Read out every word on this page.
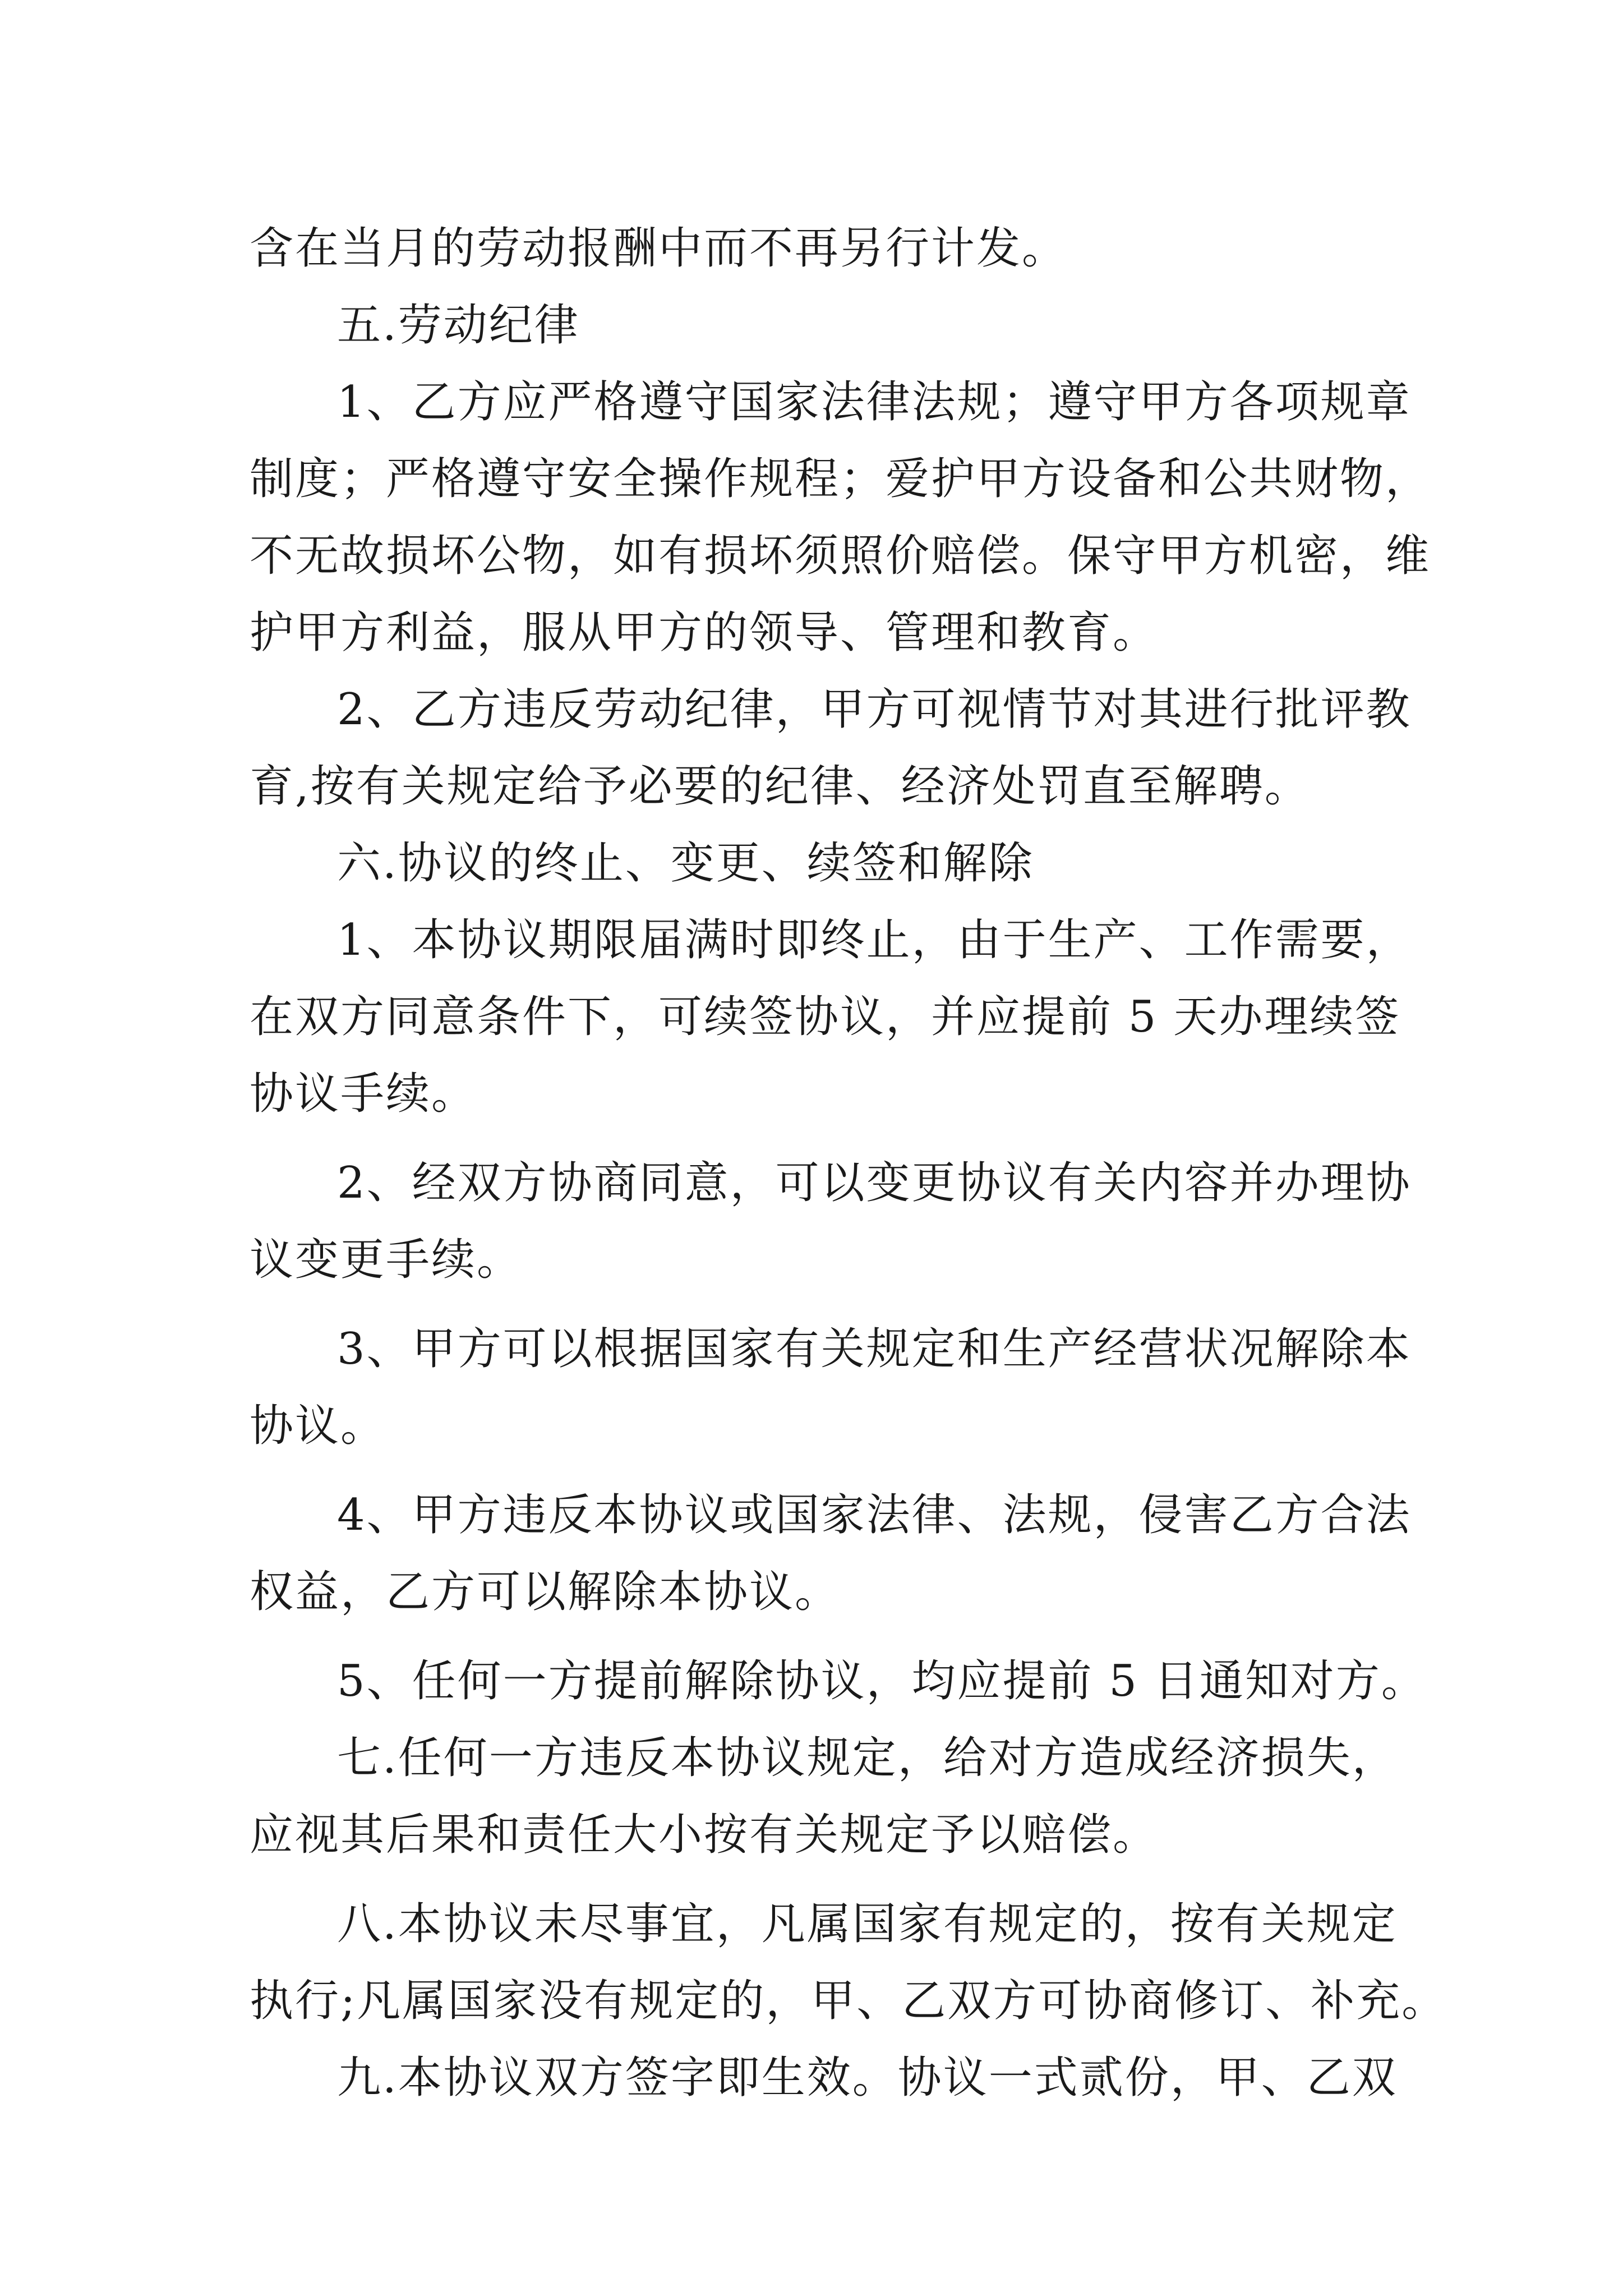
含在当月的劳动报酬中而不再另行计发。

五.劳动纪律

1、乙方应严格遵守国家法律法规；遵守甲方各项规章

制度；严格遵守安全操作规程；爱护甲方设备和公共财物，

不无故损坏公物，如有损坏须照价赔偿。保守甲方机密，维

护甲方利益，服从甲方的领导、管理和教育。

2、乙方违反劳动纪律，甲方可视情节对其进行批评教

育,按有关规定给予必要的纪律、经济处罚直至解聘。

六.协议的终止、变更、续签和解除

1、本协议期限届满时即终止，由于生产、工作需要，

在双方同意条件下，可续签协议，并应提前 5 天办理续签

协议手续。

2、经双方协商同意，可以变更协议有关内容并办理协

议变更手续。

3、甲方可以根据国家有关规定和生产经营状况解除本

协议。

4、甲方违反本协议或国家法律、法规，侵害乙方合法

权益，乙方可以解除本协议。

5、任何一方提前解除协议，均应提前 5 日通知对方。

七.任何一方违反本协议规定，给对方造成经济损失，

应视其后果和责任大小按有关规定予以赔偿。

八.本协议未尽事宜，凡属国家有规定的，按有关规定

执行;凡属国家没有规定的，甲、乙双方可协商修订、补充。

九.本协议双方签字即生效。协议一式贰份，甲、乙双
